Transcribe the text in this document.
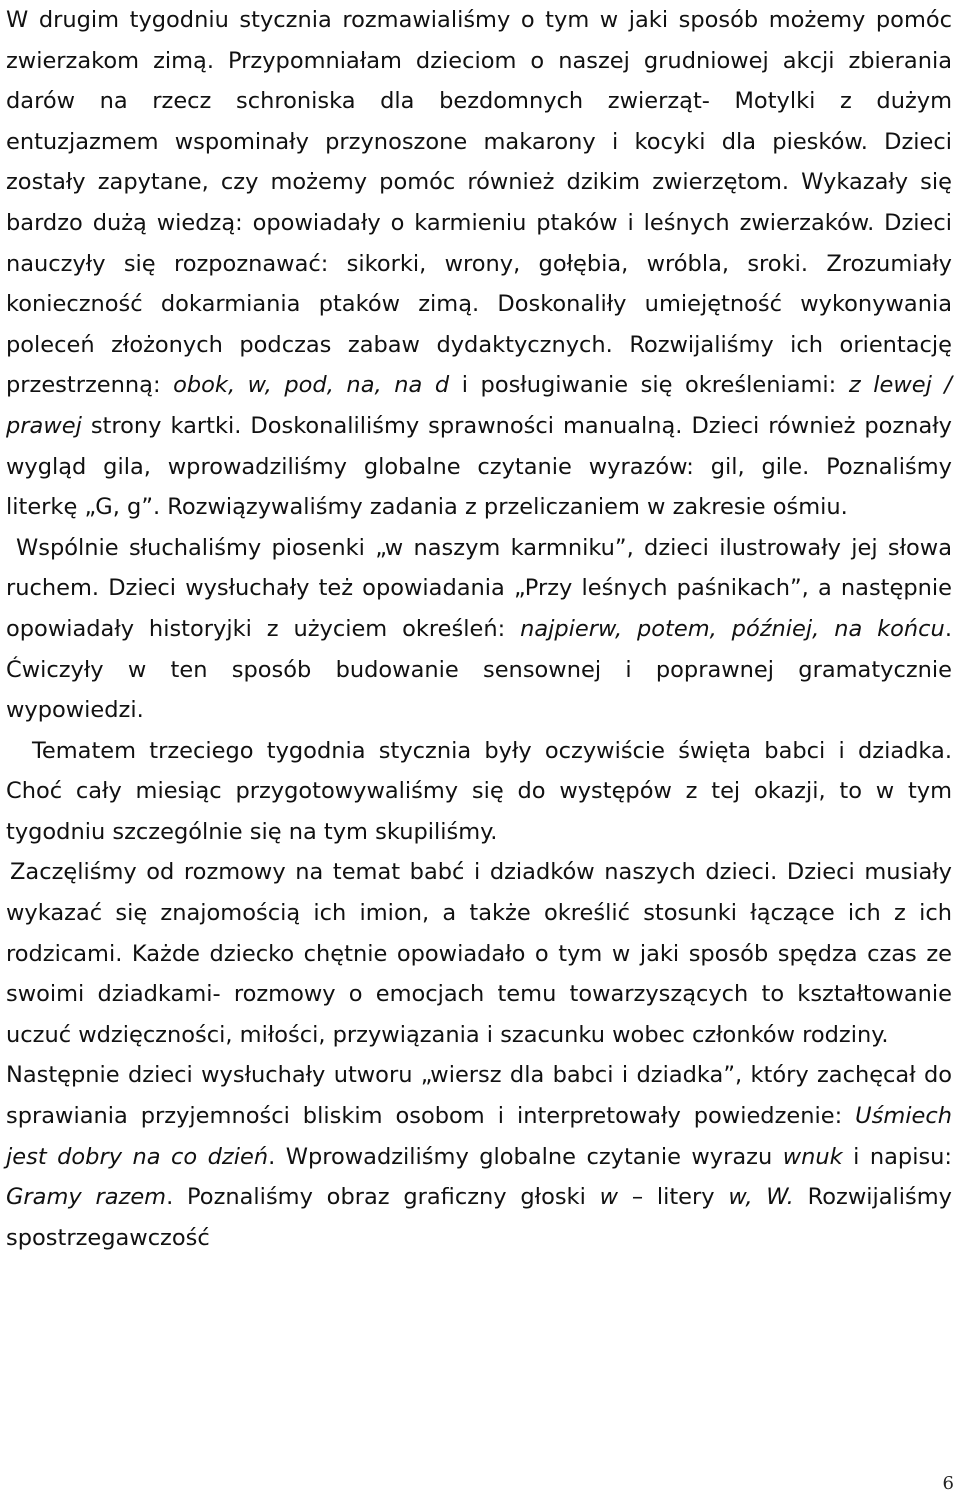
W drugim tygodniu stycznia rozmawialiśmy o tym w jaki sposób możemy pomóc zwierzakom zimą. Przypomniałam dzieciom o naszej grudniowej akcji zbierania darów na rzecz schroniska dla bezdomnych zwierząt- Motylki z dużym entuzjazmem wspominały przynoszone makarony i kocyki dla piesków. Dzieci zostały zapytane, czy możemy pomóc również dzikim zwierzętom. Wykazały się bardzo dużą wiedzą: opowiadały o karmieniu ptaków i leśnych zwierzaków. Dzieci nauczyły się rozpoznawać: sikorki, wrony, gołębia, wróbla, sroki. Zrozumiały konieczność dokarmiania ptaków zimą. Doskonaliły umiejętność wykonywania poleceń złożonych podczas zabaw dydaktycznych. Rozwijaliśmy ich orientację przestrzenną: obok, w, pod, na, na d i posługiwanie się określeniami: z lewej / prawej strony kartki. Doskonaliliśmy sprawności manualną. Dzieci również poznały wygląd gila, wprowadziliśmy globalne czytanie wyrazów: gil, gile. Poznaliśmy literkę „G, g”. Rozwiązywaliśmy zadania z przeliczaniem w zakresie ośmiu.

Wspólnie słuchaliśmy piosenki „w naszym karmniku”, dzieci ilustrowały jej słowa ruchem. Dzieci wysłuchały też opowiadania „Przy leśnych paśnikach”, a następnie opowiadały historyjki z użyciem określeń: najpierw, potem, później, na końcu. Ćwiczyły w ten sposób budowanie sensownej i poprawnej gramatycznie wypowiedzi.

Tematem trzeciego tygodnia stycznia były oczywiście święta babci i dziadka. Choć cały miesiąc przygotowywaliśmy się do występów z tej okazji, to w tym tygodniu szczególnie się na tym skupiliśmy.

Zaczęliśmy od rozmowy na temat babć i dziadków naszych dzieci. Dzieci musiały wykazać się znajomością ich imion, a także określić stosunki łączące ich z ich rodzicami. Każde dziecko chętnie opowiadało o tym w jaki sposób spędza czas ze swoimi dziadkami- rozmowy o emocjach temu towarzyszących to kształtowanie uczuć wdzięczności, miłości, przywiązania i szacunku wobec członków rodziny.

Następnie dzieci wysłuchały utworu „wiersz dla babci i dziadka”, który zachęcał do sprawiania przyjemności bliskim osobom i interpretowały powiedzenie: Uśmiech jest dobry na co dzień. Wprowadziliśmy globalne czytanie wyrazu wnuk i napisu: Gramy razem. Poznaliśmy obraz graficzny głoski w – litery w, W. Rozwijaliśmy spostrzegawczość

6
